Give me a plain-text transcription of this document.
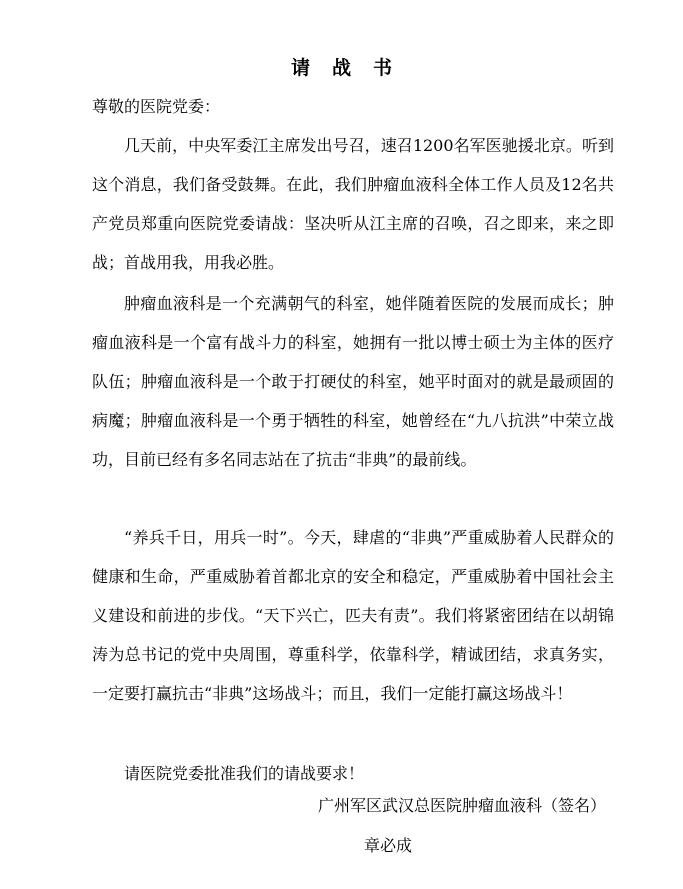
请战书
尊敬的医院党委：

几天前，中央军委江主席发出号召，速召1200名军医驰援北京。听到这个消息，我们备受鼓舞。在此，我们肿瘤血液科全体工作人员及12名共产党员郑重向医院党委请战：坚决听从江主席的召唤，召之即来，来之即战；首战用我，用我必胜。

肿瘤血液科是一个充满朝气的科室，她伴随着医院的发展而成长；肿瘤血液科是一个富有战斗力的科室，她拥有一批以博士硕士为主体的医疗队伍；肿瘤血液科是一个敢于打硬仗的科室，她平时面对的就是最顽固的病魔；肿瘤血液科是一个勇于牺牲的科室，她曾经在“九八抗洪”中荣立战功，目前已经有多名同志站在了抗击“非典”的最前线。

“养兵千日，用兵一时”。今天，肆虐的“非典”严重威胁着人民群众的健康和生命，严重威胁着首都北京的安全和稳定，严重威胁着中国社会主义建设和前进的步伐。“天下兴亡，匹夫有责”。我们将紧密团结在以胡锦涛为总书记的党中央周围，尊重科学，依靠科学，精诚团结，求真务实，一定要打赢抗击“非典”这场战斗；而且，我们一定能打赢这场战斗！

请医院党委批准我们的请战要求！

广州军区武汉总医院肿瘤血液科（签名）
章必成
